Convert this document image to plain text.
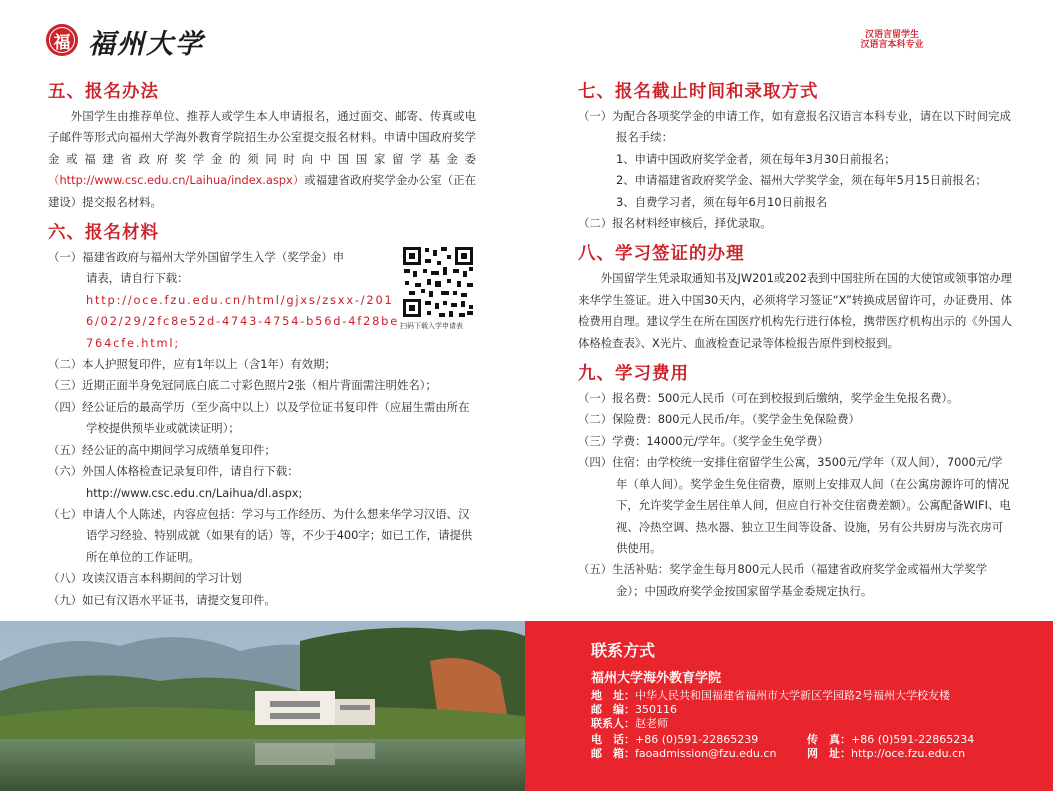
福 福州大学	汉语言留学生
汉语言本科专业
五、报名办法

外国学生由推荐单位、推荐人或学生本人申请报名，通过面交、邮寄、传真或电子邮件等形式向福州大学海外教育学院招生办公室提交报名材料。申请中国政府奖学金或福建省政府奖学金的须同时向中国国家留学基金委（http://www.csc.edu.cn/Laihua/index.aspx）或福建省政府奖学金办公室（正在建设）提交报名材料。

六、报名材料

（一）福建省政府与福州大学外国留学生入学（奖学金）申

请表，请自行下载：

http://oce.fzu.edu.cn/html/gjxs/zsxx-/2016/02/29/2fc8e52d-4743-4754-b56d-4f28be764cfe.html;

（二）本人护照复印件，应有1年以上（含1年）有效期；

（三）近期正面半身免冠同底白底二寸彩色照片2张（相片背面需注明姓名）；

（四）经公证后的最高学历（至少高中以上）以及学位证书复印件（应届生需由所在学校提供预毕业或就读证明）；

（五）经公证的高中期间学习成绩单复印件；

（六）外国人体格检查记录复印件，请自行下载：

http://www.csc.edu.cn/Laihua/dl.aspx;

（七）申请人个人陈述，内容应包括：学习与工作经历、为什么想来华学习汉语、汉语学习经验、特别成就（如果有的话）等，不少于400字；如已工作，请提供所在单位的工作证明。

（八）攻读汉语言本科期间的学习计划

（九）如已有汉语水平证书，请提交复印件。

扫码下载入学申请表
七、报名截止时间和录取方式

（一）为配合各项奖学金的申请工作，如有意报名汉语言本科专业，请在以下时间完成报名手续：

1、申请中国政府奖学金者，须在每年3月30日前报名；

2、申请福建省政府奖学金、福州大学奖学金，须在每年5月15日前报名；

3、自费学习者，须在每年6月10日前报名

（二）报名材料经审核后，择优录取。

八、学习签证的办理

外国留学生凭录取通知书及JW201或202表到中国驻所在国的大使馆或领事馆办理来华学生签证。进入中国30天内，必须将学习签证“X”转换成居留许可，办证费用、体检费用自理。建议学生在所在国医疗机构先行进行体检，携带医疗机构出示的《外国人体格检查表》、X光片、血液检查记录等体检报告原件到校报到。

九、学习费用

（一）报名费：500元人民币（可在到校报到后缴纳，奖学金生免报名费）。

（二）保险费：800元人民币/年。（奖学金生免保险费）

（三）学费：14000元/学年。（奖学金生免学费）

（四）住宿：由学校统一安排住宿留学生公寓，3500元/学年（双人间），7000元/学年（单人间）。奖学金生免住宿费，原则上安排双人间（在公寓房源许可的情况下，允许奖学金生居住单人间，但应自行补交住宿费差额）。公寓配备WIFI、电视、冷热空调、热水器、独立卫生间等设备、设施，另有公共厨房与洗衣房可供使用。

（五）生活补贴：奖学金生每月800元人民币（福建省政府奖学金或福州大学奖学金）；中国政府奖学金按国家留学基金委规定执行。

联系方式
福州大学海外教育学院
地　址：中华人民共和国福建省福州市大学新区学园路2号福州大学校友楼
邮　编：350116
联系人：赵老师
电　话：+86 (0)591-22865239	传　真：+86 (0)591-22865234
邮　箱：faoadmission@fzu.edu.cn	网　址：http://oce.fzu.edu.cn
